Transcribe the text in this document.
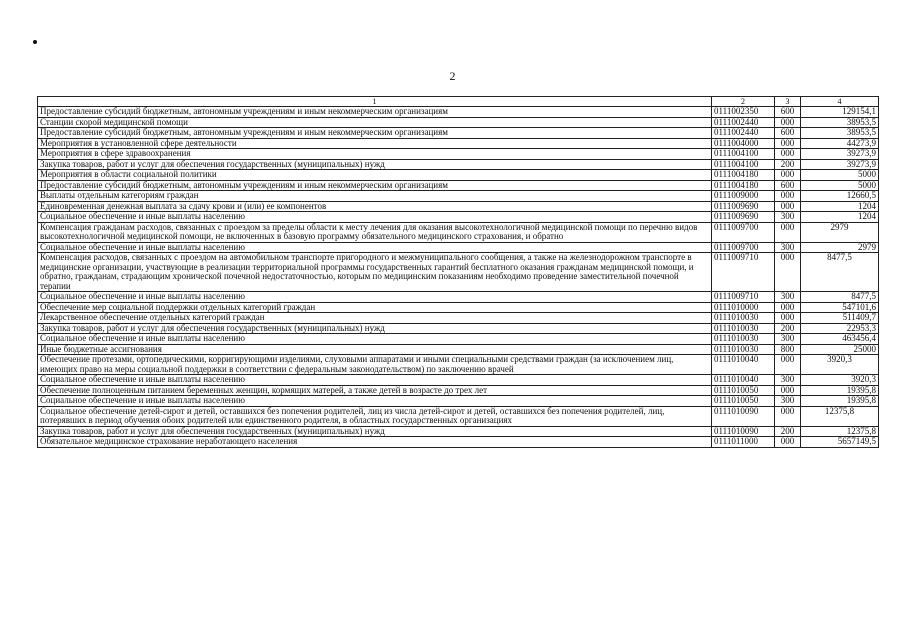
2
1	2	3	4
Предоставление субсидий бюджетным, автономным учреждениям и иным некоммерческим организациям	0111002350	600	129154,1
Станции скорой медицинской помощи	0111002440	000	38953,5
Предоставление субсидий бюджетным, автономным учреждениям и иным некоммерческим организациям	0111002440	600	38953,5
Мероприятия в установленной сфере деятельности	0111004000	000	44273,9
Мероприятия в сфере здравоохранения	0111004100	000	39273,9
Закупка товаров, работ и услуг для обеспечения государственных (муниципальных) нужд	0111004100	200	39273,9
Мероприятия в области социальной политики	0111004180	000	5000
Предоставление субсидий бюджетным, автономным учреждениям и иным некоммерческим организациям	0111004180	600	5000
Выплаты отдельным категориям граждан	0111009000	000	12660,5
Единовременная денежная выплата за сдачу крови и (или) ее компонентов	0111009690	000	1204
Социальное обеспечение и иные выплаты населению	0111009690	300	1204
Компенсация гражданам расходов, связанных с проездом за пределы области к месту лечения для оказания высокотехнологичной медицинской помощи по перечню видов высокотехнологичной медицинской помощи, не включенных в базовую программу обязательного медицинского страхования, и обратно	0111009700	000	2979
Социальное обеспечение и иные выплаты населению	0111009700	300	2979
Компенсация расходов, связанных с проездом на автомобильном транспорте пригородного и межмуниципального сообщения, а также на железнодорожном транспорте в медицинские организации, участвующие в реализации территориальной программы государственных гарантий бесплатного оказания гражданам медицинской помощи, и обратно, гражданам, страдающим хронической почечной недостаточностью, которым по медицинским показаниям необходимо проведение заместительной почечной терапии	0111009710	000	8477,5
Социальное обеспечение и иные выплаты населению	0111009710	300	8477,5
Обеспечение мер социальной поддержки отдельных категорий граждан	0111010000	000	547101,6
Лекарственное обеспечение отдельных категорий граждан	0111010030	000	511409,7
Закупка товаров, работ и услуг для обеспечения государственных (муниципальных) нужд	0111010030	200	22953,3
Социальное обеспечение и иные выплаты населению	0111010030	300	463456,4
Иные бюджетные ассигнования	0111010030	800	25000
Обеспечение протезами, ортопедическими, корригирующими изделиями, слуховыми аппаратами и иными специальными средствами граждан (за исключением лиц, имеющих право на меры социальной поддержки в соответствии с федеральным законодательством) по заключению врачей	0111010040	000	3920,3
Социальное обеспечение и иные выплаты населению	0111010040	300	3920,3
Обеспечение полноценным питанием беременных женщин, кормящих матерей, а также детей в возрасте до трех лет	0111010050	000	19395,8
Социальное обеспечение и иные выплаты населению	0111010050	300	19395,8
Социальное обеспечение детей-сирот и детей, оставшихся без попечения родителей, лиц из числа детей-сирот и детей, оставшихся без попечения родителей, лиц, потерявших в период обучения обоих родителей или единственного родителя, в областных государственных организациях	0111010090	000	12375,8
Закупка товаров, работ и услуг для обеспечения государственных (муниципальных) нужд	0111010090	200	12375,8
Обязательное медицинское страхование неработающего населения	0111011000	000	5657149,5
